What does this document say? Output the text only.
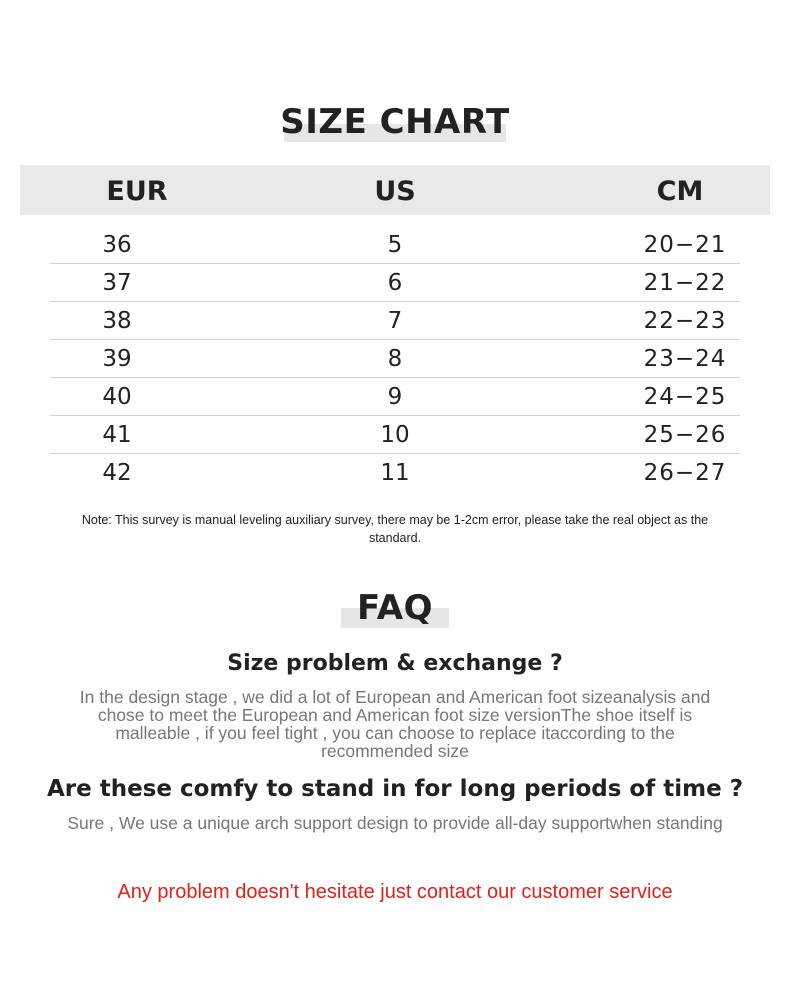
SIZE CHART
EUR	US	CM
36	5	20−21
37	6	21−22
38	7	22−23
39	8	23−24
40	9	24−25
41	10	25−26
42	11	26−27
Note: This survey is manual leveling auxiliary survey, there may be 1-2cm error, please take the real object as the standard.
FAQ
Size problem & exchange ?
In the design stage , we did a lot of European and American foot sizeanalysis and chose to meet the European and American foot size versionThe shoe itself is malleable , if you feel tight , you can choose to replace itaccording to the recommended size
Are these comfy to stand in for long periods of time ?
Sure , We use a unique arch support design to provide all-day supportwhen standing
Any problem doesn't hesitate just contact our customer service
